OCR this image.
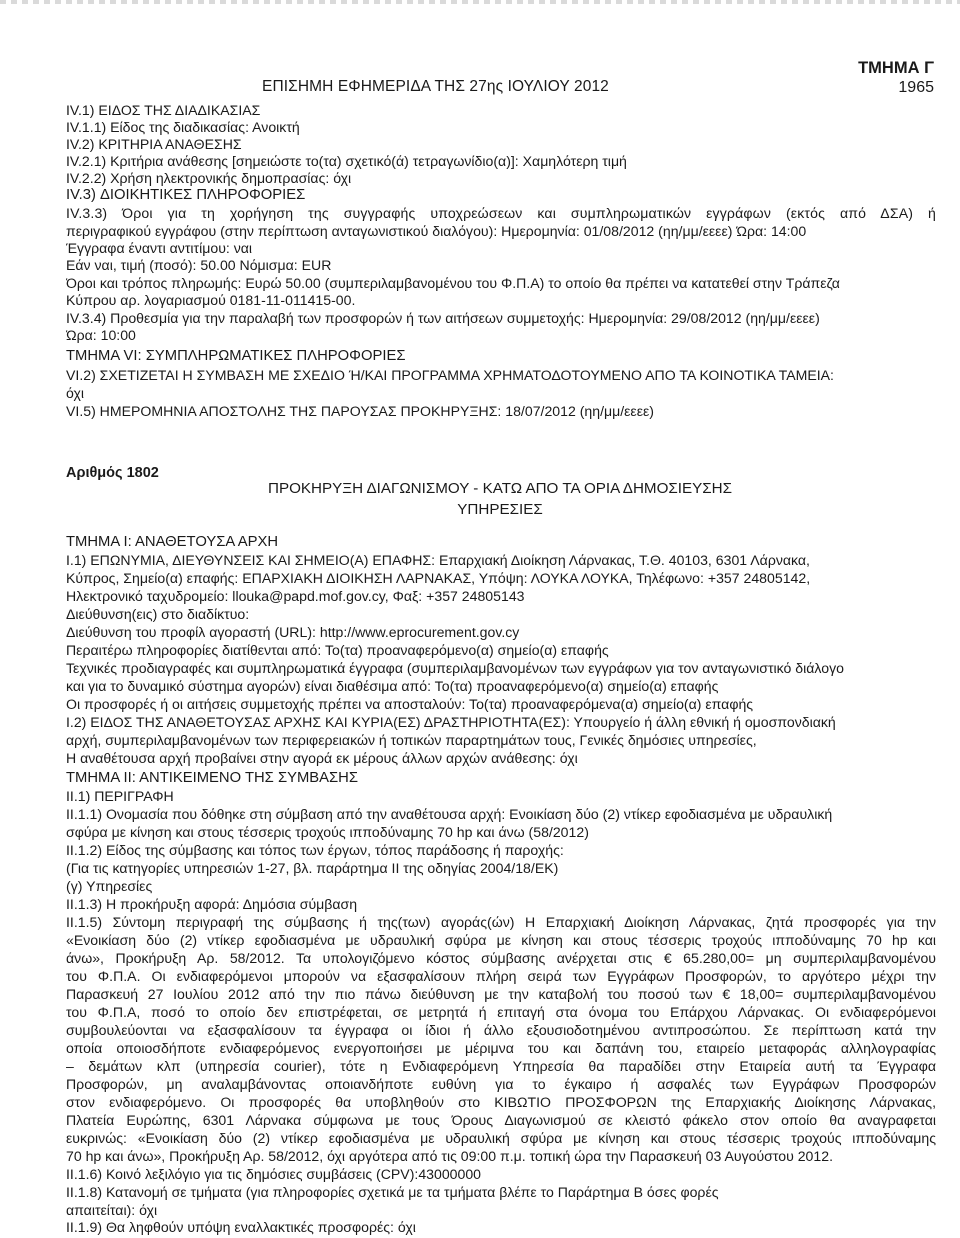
ΕΠΙΣΗΜΗ ΕΦΗΜΕΡΙΔΑ ΤΗΣ 27ης ΙΟΥΛΙΟΥ 2012
ΤΜΗΜΑ Γ
1965
IV.1) ΕΙΔΟΣ ΤΗΣ ΔΙΑΔΙΚΑΣΙΑΣ
IV.1.1) Είδος της διαδικασίας: Ανοικτή
IV.2) ΚΡΙΤΗΡΙΑ ΑΝΑΘΕΣΗΣ
IV.2.1) Κριτήρια ανάθεσης [σημειώστε το(τα) σχετικό(ά) τετραγωνίδιο(α)]: Χαμηλότερη τιμή
IV.2.2) Χρήση ηλεκτρονικής δημοπρασίας: όχι
IV.3) ΔΙΟΙΚΗΤΙΚΕΣ ΠΛΗΡΟΦΟΡΙΕΣ
IV.3.3) Όροι για τη χορήγηση της συγγραφής υποχρεώσεων και συμπληρωματικών εγγράφων (εκτός από ΔΣΑ) ή
περιγραφικού εγγράφου (στην περίπτωση ανταγωνιστικού διαλόγου): Ημερομηνία: 01/08/2012 (ηη/μμ/εεεε) Ώρα: 14:00
Έγγραφα έναντι αντιτίμου: ναι
Εάν ναι, τιμή (ποσό): 50.00 Νόμισμα: EUR
Όροι και τρόπος πληρωμής: Ευρώ 50.00 (συμπεριλαμβανομένου του Φ.Π.Α) το οποίο θα πρέπει να κατατεθεί στην Τράπεζα
Κύπρου αρ. λογαριασμού 0181-11-011415-00.
IV.3.4) Προθεσμία για την παραλαβή των προσφορών ή των αιτήσεων συμμετοχής: Ημερομηνία: 29/08/2012 (ηη/μμ/εεεε)
Ώρα: 10:00
ΤΜΗΜΑ VI: ΣΥΜΠΛΗΡΩΜΑΤΙΚΕΣ ΠΛΗΡΟΦΟΡΙΕΣ
VI.2) ΣΧΕΤΙΖΕΤΑΙ Η ΣΥΜΒΑΣΗ ΜΕ ΣΧΕΔΙΟ Ή/ΚΑΙ ΠΡΟΓΡΑΜΜΑ ΧΡΗΜΑΤΟΔΟΤΟΥΜΕΝΟ ΑΠΟ ΤΑ ΚΟΙΝΟΤΙΚΑ ΤΑΜΕΙΑ:
όχι
VI.5) ΗΜΕΡΟΜΗΝΙΑ ΑΠΟΣΤΟΛΗΣ ΤΗΣ ΠΑΡΟΥΣΑΣ ΠΡΟΚΗΡΥΞΗΣ: 18/07/2012 (ηη/μμ/εεεε)
Αριθμός 1802
ΠΡΟΚΗΡΥΞΗ ΔΙΑΓΩΝΙΣΜΟΥ - ΚΑΤΩ ΑΠΟ ΤΑ ΟΡΙΑ ΔΗΜΟΣΙΕΥΣΗΣ
ΥΠΗΡΕΣΙΕΣ
ΤΜΗΜΑ Ι: ΑΝΑΘΕΤΟΥΣΑ ΑΡΧΗ
I.1) ΕΠΩΝΥΜΙΑ, ΔΙΕΥΘΥΝΣΕΙΣ ΚΑΙ ΣΗΜΕΙΟ(Α) ΕΠΑΦΗΣ: Επαρχιακή Διοίκηση Λάρνακας, Τ.Θ. 40103, 6301 Λάρνακα,
Κύπρος, Σημείο(α) επαφής: ΕΠΑΡΧΙΑΚΗ ΔΙΟΙΚΗΣΗ ΛΑΡΝΑΚΑΣ, Υπόψη: ΛΟΥΚΑ ΛΟΥΚΑ, Τηλέφωνο: +357 24805142,
Ηλεκτρονικό ταχυδρομείο: llouka@papd.mof.gov.cy, Φαξ: +357 24805143
Διεύθυνση(εις) στο διαδίκτυο:
Διεύθυνση του προφίλ αγοραστή (URL): http://www.eprocurement.gov.cy
Περαιτέρω πληροφορίες διατίθενται από: Το(τα) προαναφερόμενο(α) σημείο(α) επαφής
Τεχνικές προδιαγραφές και συμπληρωματικά έγγραφα (συμπεριλαμβανομένων των εγγράφων για τον ανταγωνιστικό διάλογο
και για το δυναμικό σύστημα αγορών) είναι διαθέσιμα από: Το(τα) προαναφερόμενο(α) σημείο(α) επαφής
Οι προσφορές ή οι αιτήσεις συμμετοχής πρέπει να αποσταλούν: Το(τα) προαναφερόμενα(α) σημείο(α) επαφής
I.2) ΕΙΔΟΣ ΤΗΣ ΑΝΑΘΕΤΟΥΣΑΣ ΑΡΧΗΣ ΚΑΙ ΚΥΡΙΑ(ΕΣ) ΔΡΑΣΤΗΡΙΟΤΗΤΑ(ΕΣ): Υπουργείο ή άλλη εθνική ή ομοσπονδιακή
αρχή, συμπεριλαμβανομένων των περιφερειακών ή τοπικών παραρτημάτων τους, Γενικές δημόσιες υπηρεσίες,
Η αναθέτουσα αρχή προβαίνει στην αγορά εκ μέρους άλλων αρχών ανάθεσης: όχι
ΤΜΗΜΑ ΙΙ: ΑΝΤΙΚΕΙΜΕΝΟ ΤΗΣ ΣΥΜΒΑΣΗΣ
II.1) ΠΕΡΙΓΡΑΦΗ
II.1.1) Ονομασία που δόθηκε στη σύμβαση από την αναθέτουσα αρχή: Ενοικίαση δύο (2) ντίκερ εφοδιασμένα με υδραυλική
σφύρα με κίνηση και στους τέσσερις τροχούς ιπποδύναμης 70 hp και άνω (58/2012)
II.1.2) Είδος της σύμβασης και τόπος των έργων, τόπος παράδοσης ή παροχής:
(Για τις κατηγορίες υπηρεσιών 1-27, βλ. παράρτημα II της οδηγίας 2004/18/ΕΚ)
(γ) Υπηρεσίες
II.1.3) Η προκήρυξη αφορά: Δημόσια σύμβαση
II.1.5) Σύντομη περιγραφή της σύμβασης ή της(των) αγοράς(ών) Η Επαρχιακή Διοίκηση Λάρνακας, ζητά προσφορές για την
«Ενοικίαση δύο (2) ντίκερ εφοδιασμένα με υδραυλική σφύρα με κίνηση και στους τέσσερις τροχούς ιπποδύναμης 70 hp και
άνω», Προκήρυξη Αρ. 58/2012. Τα υπολογιζόμενο κόστος σύμβασης ανέρχεται στις € 65.280,00= μη συμπεριλαμβανομένου
του Φ.Π.Α. Οι ενδιαφερόμενοι μπορούν να εξασφαλίσουν πλήρη σειρά των Εγγράφων Προσφορών, το αργότερο μέχρι την
Παρασκευή 27 Ιουλίου 2012 από την πιο πάνω διεύθυνση με την καταβολή του ποσού των € 18,00= συμπεριλαμβανομένου
του Φ.Π.Α, ποσό το οποίο δεν επιστρέφεται, σε μετρητά ή επιταγή στα όνομα του Επάρχου Λάρνακας. Οι ενδιαφερόμενοι
συμβουλεύονται να εξασφαλίσουν τα έγγραφα οι ίδιοι ή άλλο εξουσιοδοτημένου αντιπροσώπου. Σε περίπτωση κατά την
οποία οποιοσδήποτε ενδιαφερόμενος ενεργοποιήσει με μέριμνα του και δαπάνη του, εταιρείο μεταφοράς αλληλογραφίας
– δεμάτων κλπ (υπηρεσία courier), τότε η Ενδιαφερόμενη Υπηρεσία θα παραδίδει στην Εταιρεία αυτή τα Έγγραφα
Προσφορών, μη αναλαμβάνοντας οποιανδήποτε ευθύνη για το έγκαιρο ή ασφαλές των Εγγράφων Προσφορών
στον ενδιαφερόμενο. Οι προσφορές θα υποβληθούν στο ΚΙΒΩΤΙΟ ΠΡΟΣΦΟΡΩΝ της Επαρχιακής Διοίκησης Λάρνακας,
Πλατεία Ευρώπης, 6301 Λάρνακα σύμφωνα με τους Όρους Διαγωνισμού σε κλειστό φάκελο στον οποίο θα αναγραφεται
ευκρινώς: «Ενοικίαση δύο (2) ντίκερ εφοδιασμένα με υδραυλική σφύρα με κίνηση και στους τέσσερις τροχούς ιπποδύναμης
70 hp και άνω», Προκήρυξη Αρ. 58/2012, όχι αργότερα από τις 09:00 π.μ. τοπική ώρα την Παρασκευή 03 Αυγούστου 2012.
II.1.6) Κοινό λεξιλόγιο για τις δημόσιες συμβάσεις (CPV):43000000
II.1.8) Κατανομή σε τμήματα (για πληροφορίες σχετικά με τα τμήματα βλέπε το Παράρτημα Β όσες φορές
απαιτείται): όχι
II.1.9) Θα ληφθούν υπόψη εναλλακτικές προσφορές: όχι
